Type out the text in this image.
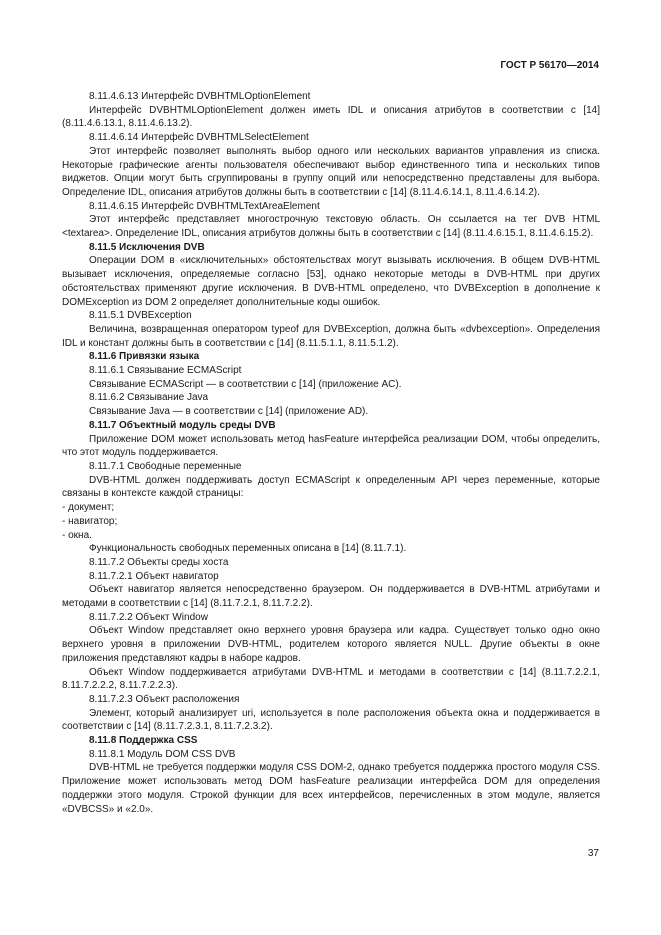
ГОСТ Р 56170—2014

8.11.4.6.13 Интерфейс DVBHTMLOptionElement

Интерфейс DVBHTMLOptionElement должен иметь IDL и описания атрибутов в соответствии с [14] (8.11.4.6.13.1, 8.11.4.6.13.2).

8.11.4.6.14 Интерфейс DVBHTMLSelectElement

Этот интерфейс позволяет выполнять выбор одного или нескольких вариантов управления из списка. Некоторые графические агенты пользователя обеспечивают выбор единственного типа и нескольких типов виджетов. Опции могут быть сгруппированы в группу опций или непосредственно представлены для выбора. Определение IDL, описания атрибутов должны быть в соответствии с [14] (8.11.4.6.14.1, 8.11.4.6.14.2).

8.11.4.6.15 Интерфейс DVBHTMLTextAreaElement

Этот интерфейс представляет многострочную текстовую область. Он ссылается на тег DVB HTML <textarea>. Определение IDL, описания атрибутов должны быть в соответствии с [14] (8.11.4.6.15.1, 8.11.4.6.15.2).

8.11.5 Исключения DVB

Операции DOM в «исключительных» обстоятельствах могут вызывать исключения. В общем DVB-HTML вызывает исключения, определяемые согласно [53], однако некоторые методы в DVB-HTML при других обстоятельствах применяют другие исключения. В DVB-HTML определено, что DVBException в дополнение к DOMException из DOM 2 определяет дополнительные коды ошибок.

8.11.5.1 DVBException

Величина, возвращенная оператором typeof для DVBException, должна быть «dvbexception». Определения IDL и констант должны быть в соответствии с [14] (8.11.5.1.1, 8.11.5.1.2).

8.11.6 Привязки языка

8.11.6.1 Связывание ECMAScript

Связывание ECMAScript — в соответствии с [14] (приложение AC).

8.11.6.2 Связывание Java

Связывание Java — в соответствии с [14] (приложение AD).

8.11.7 Объектный модуль среды DVB

Приложение DOM может использовать метод hasFeature интерфейса реализации DOM, чтобы определить, что этот модуль поддерживается.

8.11.7.1 Свободные переменные

DVB-HTML должен поддерживать доступ ECMAScript к определенным API через переменные, которые связаны в контексте каждой страницы:

- документ;

- навигатор;

- окна.

Функциональность свободных переменных описана в [14] (8.11.7.1).

8.11.7.2 Объекты среды хоста

8.11.7.2.1 Объект навигатор

Объект навигатор является непосредственно браузером. Он поддерживается в DVB-HTML атрибутами и методами в соответствии с [14] (8.11.7.2.1, 8.11.7.2.2).

8.11.7.2.2 Объект Window

Объект Window представляет окно верхнего уровня браузера или кадра. Существует только одно окно верхнего уровня в приложении DVB-HTML, родителем которого является NULL. Другие объекты в окне приложения представляют кадры в наборе кадров.

Объект Window поддерживается атрибутами DVB-HTML и методами в соответствии с [14] (8.11.7.2.2.1, 8.11.7.2.2.2, 8.11.7.2.2.3).

8.11.7.2.3 Объект расположения

Элемент, который анализирует uri, используется в поле расположения объекта окна и поддерживается в соответствии с [14] (8.11.7.2.3.1, 8.11.7.2.3.2).

8.11.8 Поддержка CSS

8.11.8.1 Модуль DOM CSS DVB

DVB-HTML не требуется поддержки модуля CSS DOM-2, однако требуется поддержка простого модуля CSS. Приложение может использовать метод DOM hasFeature реализации интерфейса DOM для определения поддержки этого модуля. Строкой функции для всех интерфейсов, перечисленных в этом модуле, является «DVBCSS» и «2.0».

37
